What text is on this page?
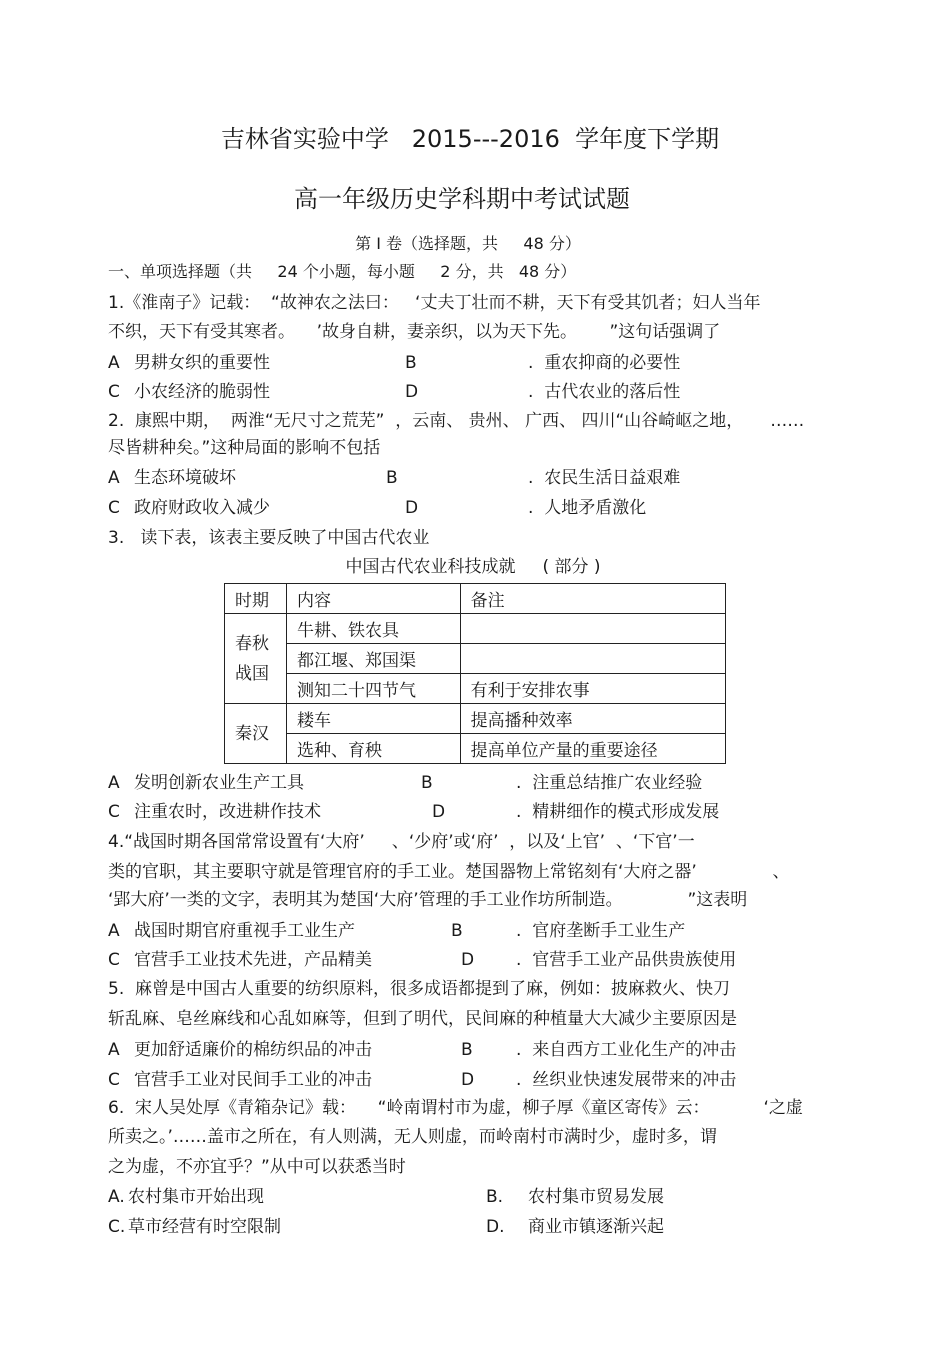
吉林省实验中学   2015---2016  学年度下学期
高一年级历史学科期中考试试题
第 I 卷（选择题，共     48 分）
一、单项选择题（共     24 个小题，每小题     2 分，共   48 分）
1.《淮南子》记载：  “故神农之法曰：   ‘丈夫丁壮而不耕，天下有受其饥者；妇人当年
不织，天下有受其寒者。    ’故身自耕，妻亲织，以为天下先。      ”这句话强调了
A 男耕女织的重要性	B	.  重农抑商的必要性
C 小农经济的脆弱性	D	.  古代农业的落后性
2.  康熙中期，  两淮“无尺寸之荒芜”  ，云南、 贵州、 广西、 四川“山谷崎岖之地，     ……
尽皆耕种矣。”这种局面的影响不包括
A 生态环境破坏	B	.  农民生活日益艰难
C 政府财政收入减少	D	.  人地矛盾激化
3.   读下表，该表主要反映了中国古代农业
中国古代农业科技成就     ( 部分 )
时期	内容	备注
春秋
战国	牛耕、铁农具	
	都江堰、郑国渠	
	测知二十四节气	有利于安排农事
秦汉	耧车	提高播种效率
	选种、育秧	提高单位产量的重要途径
A 发明创新农业生产工具	B	.  注重总结推广农业经验
C 注重农时，改进耕作技术	D	.  精耕细作的模式形成发展
4.“战国时期各国常常设置有‘大府’     、‘少府’或‘府’  ，以及‘上官’  、‘下官’一
类的官职，其主要职守就是管理官府的手工业。楚国器物上常铭刻有‘大府之器’              、
‘郢大府’一类的文字，表明其为楚国‘大府’管理的手工业作坊所制造。            ”这表明
A 战国时期官府重视手工业生产	B	.  官府垄断手工业生产
C 官营手工业技术先进，产品精美	D .  官营手工业产品供贵族使用
5.  麻曾是中国古人重要的纺织原料，很多成语都提到了麻，例如：披麻救火、快刀
斩乱麻、皂丝麻线和心乱如麻等，但到了明代，民间麻的种植量大大减少主要原因是
A 更加舒适廉价的棉纺织品的冲击	B	.  来自西方工业化生产的冲击
C 官营手工业对民间手工业的冲击	D .  丝织业快速发展带来的冲击
6.  宋人吴处厚《青箱杂记》载：    “岭南谓村市为虚，柳子厚《童区寄传》云：          ‘之虚
所卖之。’……盖市之所在，有人则满，无人则虚，而岭南村市满时少，虚时多，谓
之为虚，不亦宜乎？”从中可以获悉当时
A. 农村集市开始出现	B. 农村集市贸易发展
C. 草市经营有时空限制	D. 商业市镇逐渐兴起
